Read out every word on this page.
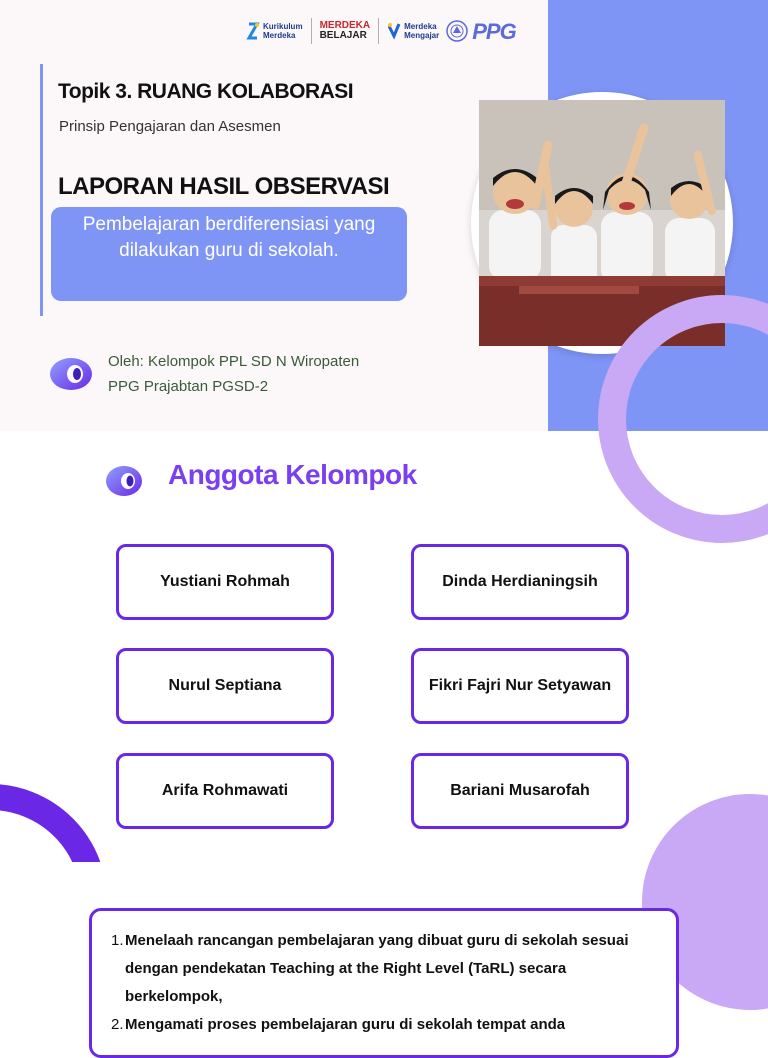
Kurikulum
Merdeka
MERDEKA
BELAJAR
Merdeka
Mengajar PPG
Topik 3. RUANG KOLABORASI
Prinsip Pengajaran dan Asesmen
LAPORAN HASIL OBSERVASI
Pembelajaran berdiferensiasi yang dilakukan guru di sekolah.
Oleh: Kelompok PPL SD N Wiropaten
PPG Prajabtan PGSD-2
Anggota Kelompok
Yustiani Rohmah	Dinda Herdianingsih
Nurul Septiana	Fikri Fajri Nur Setyawan
Arifa Rohmawati	Bariani Musarofah
1. Menelaah rancangan pembelajaran yang dibuat guru di sekolah sesuai dengan pendekatan Teaching at the Right Level (TaRL) secara berkelompok,
2. Mengamati proses pembelajaran guru di sekolah tempat anda
